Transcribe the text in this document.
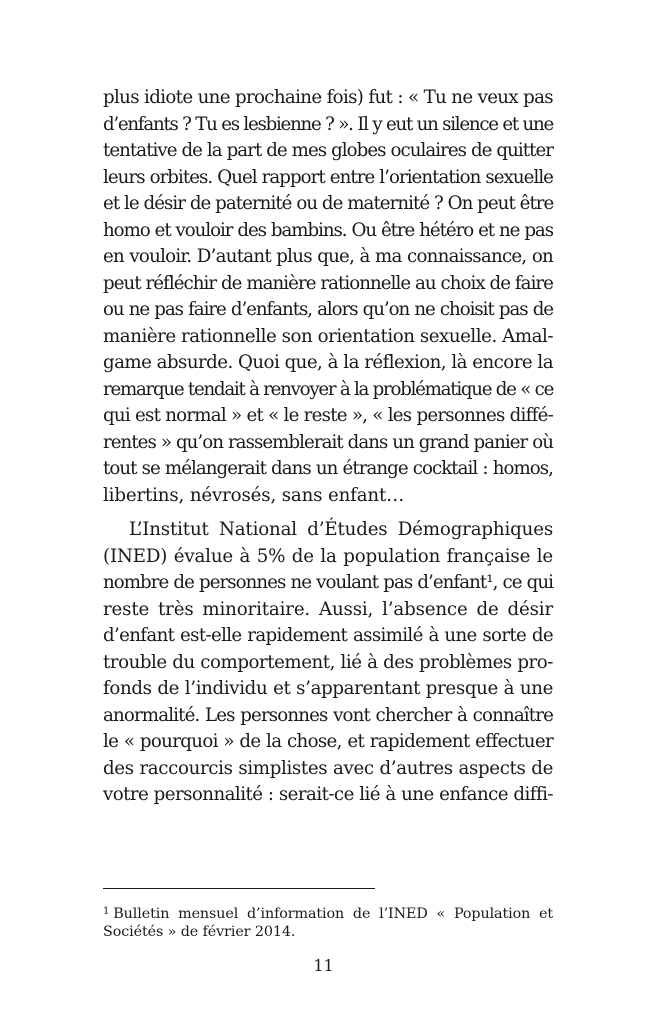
plus idiote une prochaine fois) fut : « Tu ne veux pas
d’enfants ? Tu es lesbienne ? ». Il y eut un silence et une
tentative de la part de mes globes oculaires de quitter
leurs orbites. Quel rapport entre l’orientation sexuelle
et le désir de paternité ou de maternité ? On peut être
homo et vouloir des bambins. Ou être hétéro et ne pas
en vouloir. D’autant plus que, à ma connaissance, on
peut réfléchir de manière rationnelle au choix de faire
ou ne pas faire d’enfants, alors qu’on ne choisit pas de
manière rationnelle son orientation sexuelle. Amal-
game absurde. Quoi que, à la réflexion, là encore la
remarque tendait à renvoyer à la problématique de « ce
qui est normal » et « le reste », « les personnes diffé-
rentes » qu’on rassemblerait dans un grand panier où
tout se mélangerait dans un étrange cocktail : homos,
libertins, névrosés, sans enfant…
L’Institut National d’Études Démographiques
(INED) évalue à 5% de la population française le
nombre de personnes ne voulant pas d’enfant¹, ce qui
reste très minoritaire. Aussi, l’absence de désir
d’enfant est-elle rapidement assimilé à une sorte de
trouble du comportement, lié à des problèmes pro-
fonds de l’individu et s’apparentant presque à une
anormalité. Les personnes vont chercher à connaître
le « pourquoi » de la chose, et rapidement effectuer
des raccourcis simplistes avec d’autres aspects de
votre personnalité : serait-ce lié à une enfance diffi-
$^1$ Bulletin mensuel d’information de l’INED « Population et
Sociétés » de février 2014.
11
